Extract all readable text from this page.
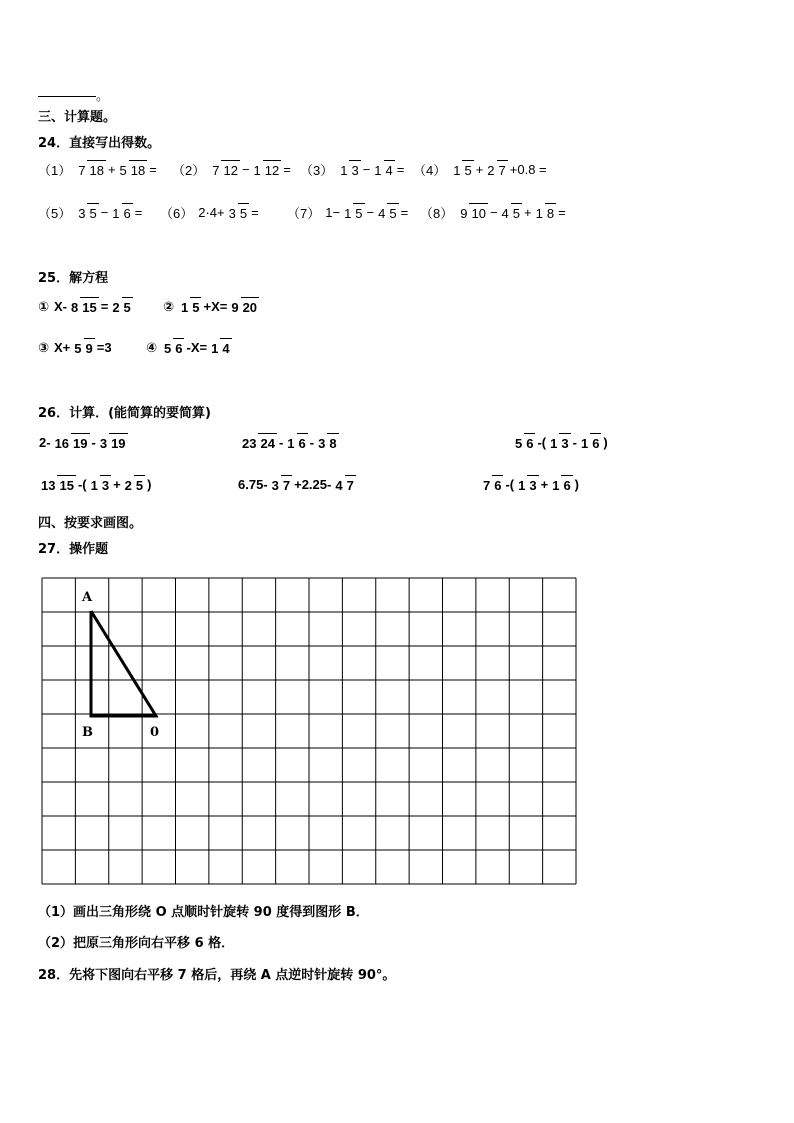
。
三、计算题。
24．直接写出得数。
（1） 7 18 + 5 18 = （2） 7 12 − 1 12 = （3） 1 3 − 1 4 = （4） 1 5 + 2 7 +0.8 =
（5） 3 5 − 1 6 = （6） 2·4+ 3 5 = （7） 1− 1 5 − 4 5 = （8） 9 10 − 4 5 + 1 8 =
25．解方程
① X- 8 15 = 2 5 ② 1 5 +X= 9 20
③ X+ 5 9 =3	④ 5 6 -X= 1 4
26．计算．(能简算的要简算)
2- 16 19 - 3 19	23 24 - 1 6 - 3 8	5 6 -( 1 3 - 1 6 )
13 15 -( 1 3 + 2 5 )	6.75- 3 7 +2.25- 4 7	7 6 -( 1 3 + 1 6 )
四、按要求画图。
27．操作题
A
B	0
（1）画出三角形绕 O 点顺时针旋转 90 度得到图形 B．
（2）把原三角形向右平移 6 格．
28．先将下图向右平移 7 格后，再绕 A 点逆时针旋转 90°。
